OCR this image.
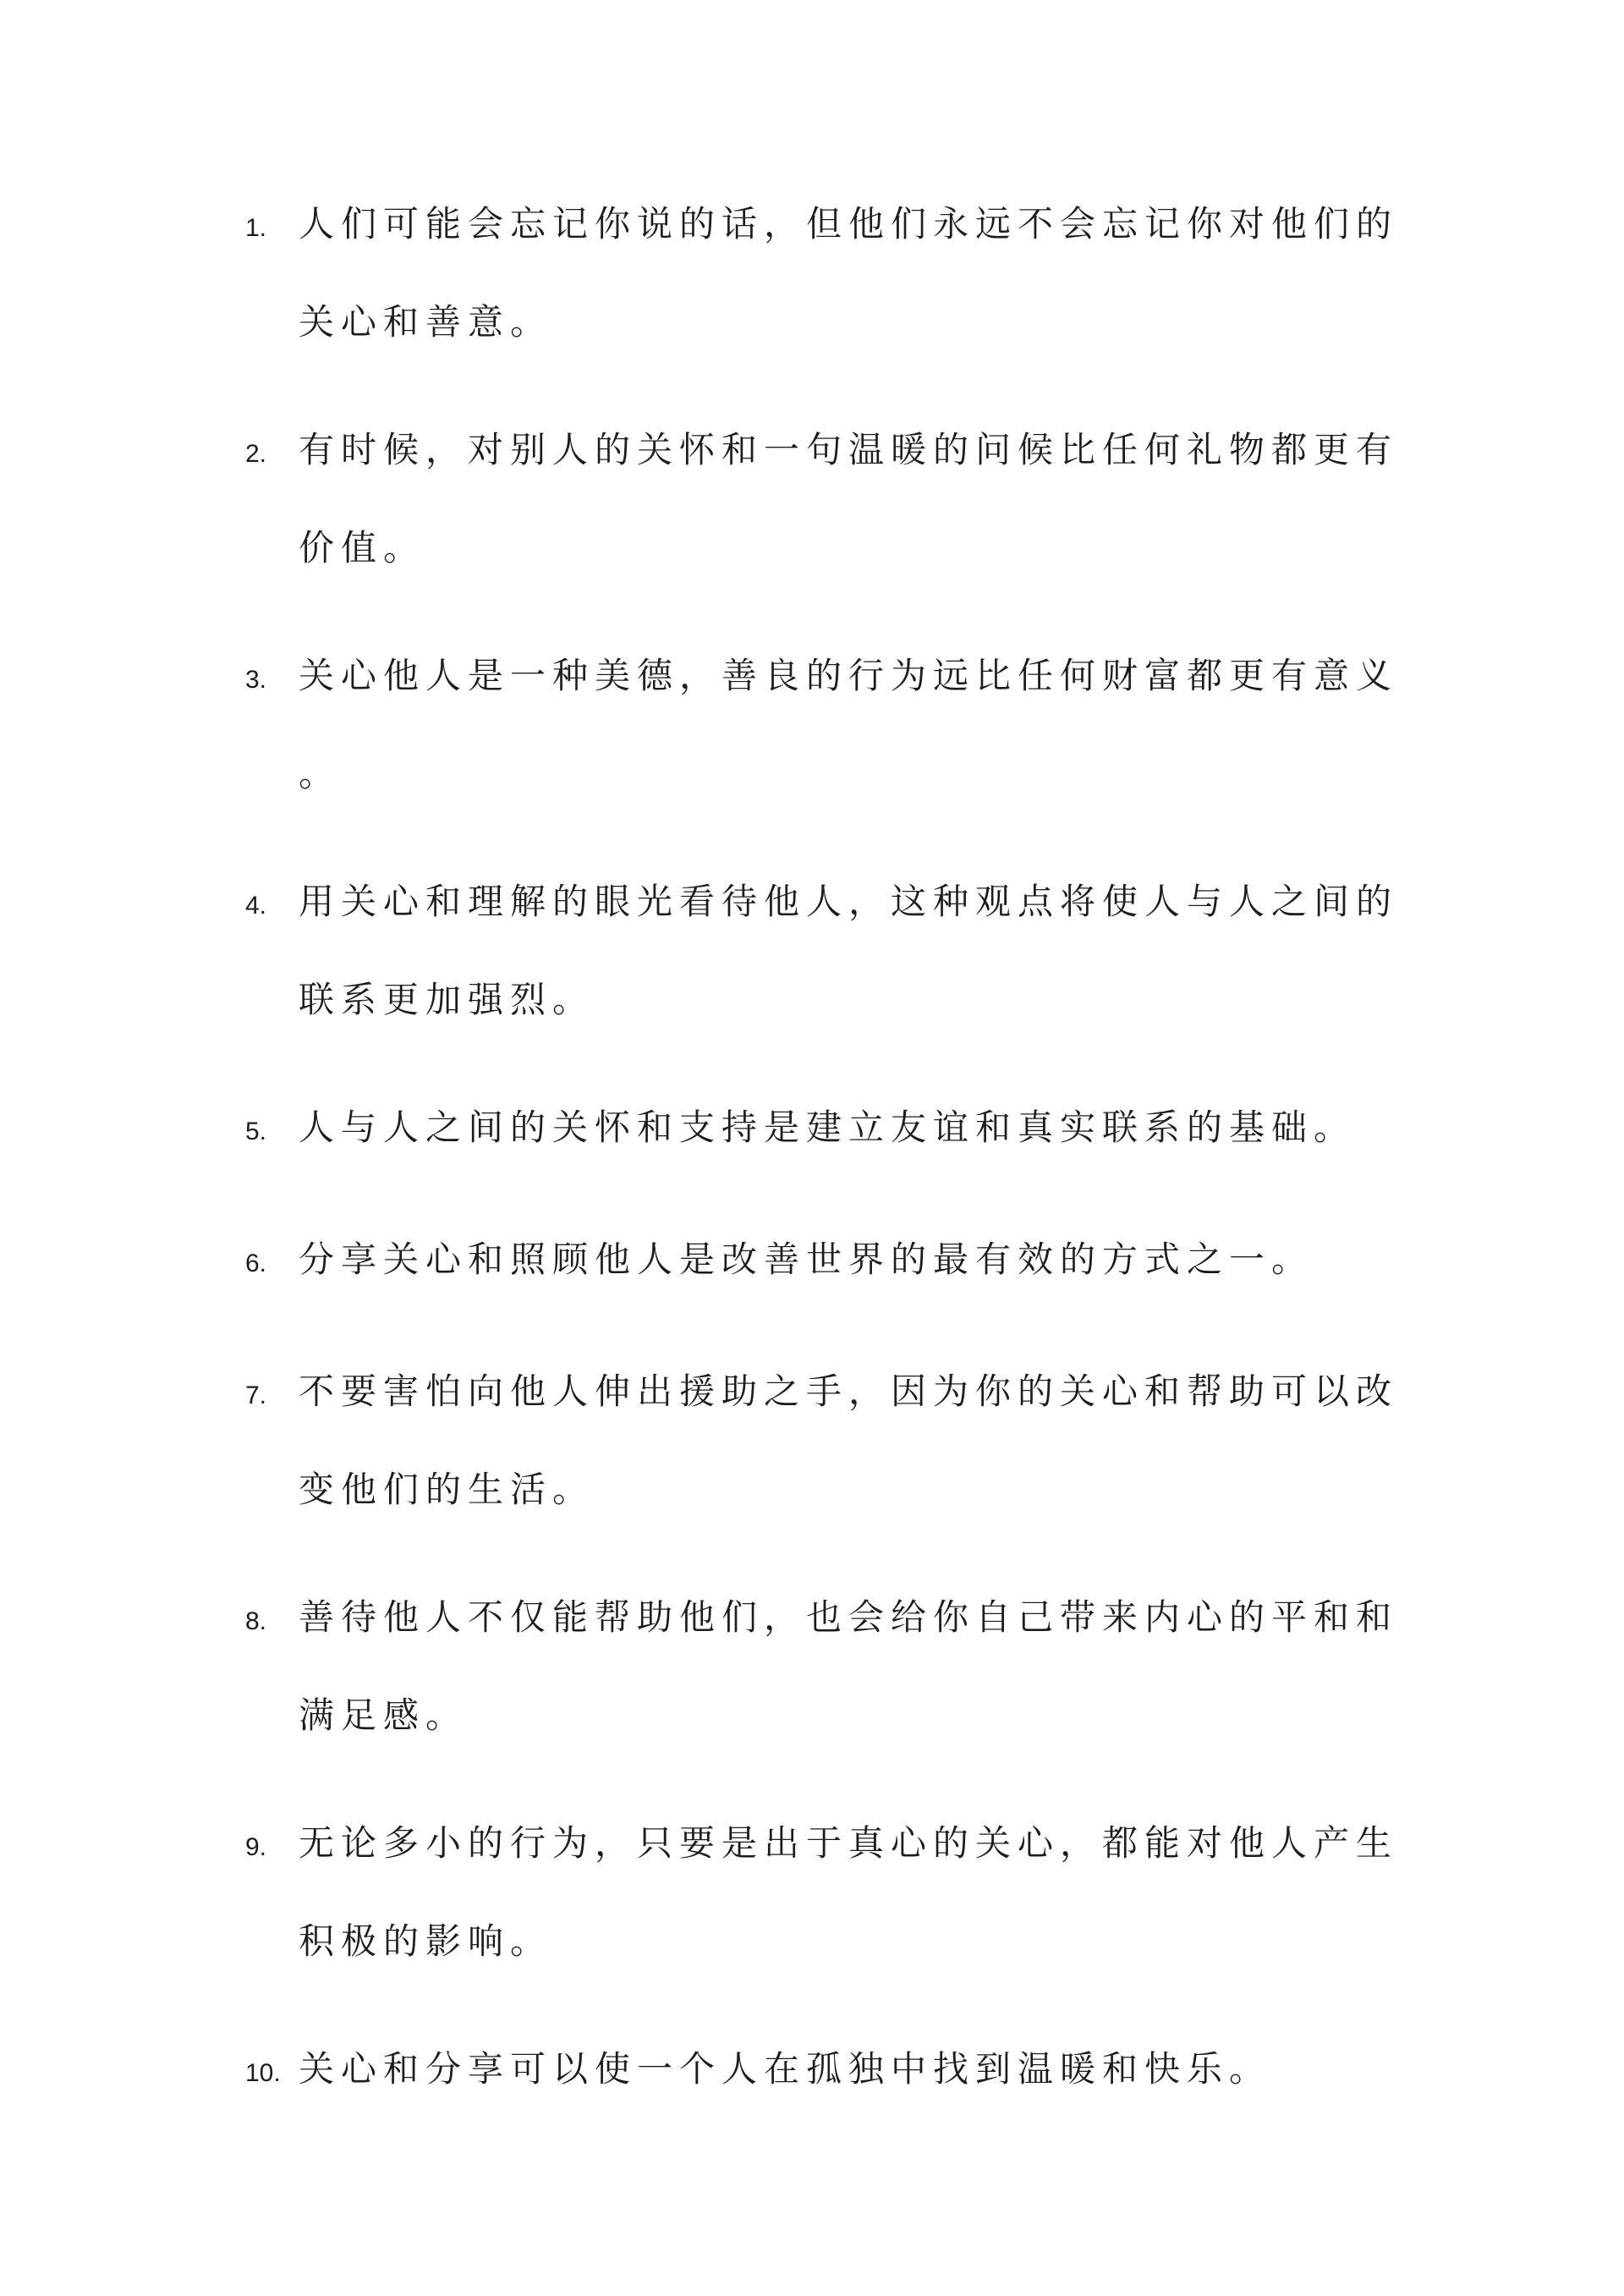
1. 人们可能会忘记你说的话，但他们永远不会忘记你对他们的
关心和善意。
2. 有时候，对别人的关怀和一句温暖的问候比任何礼物都更有
价值。
3. 关心他人是一种美德，善良的行为远比任何财富都更有意义
。
4. 用关心和理解的眼光看待他人，这种观点将使人与人之间的
联系更加强烈。
5. 人与人之间的关怀和支持是建立友谊和真实联系的基础。
6. 分享关心和照顾他人是改善世界的最有效的方式之一。
7. 不要害怕向他人伸出援助之手，因为你的关心和帮助可以改
变他们的生活。
8. 善待他人不仅能帮助他们，也会给你自己带来内心的平和和
满足感。
9. 无论多小的行为，只要是出于真心的关心，都能对他人产生
积极的影响。
10. 关心和分享可以使一个人在孤独中找到温暖和快乐。
